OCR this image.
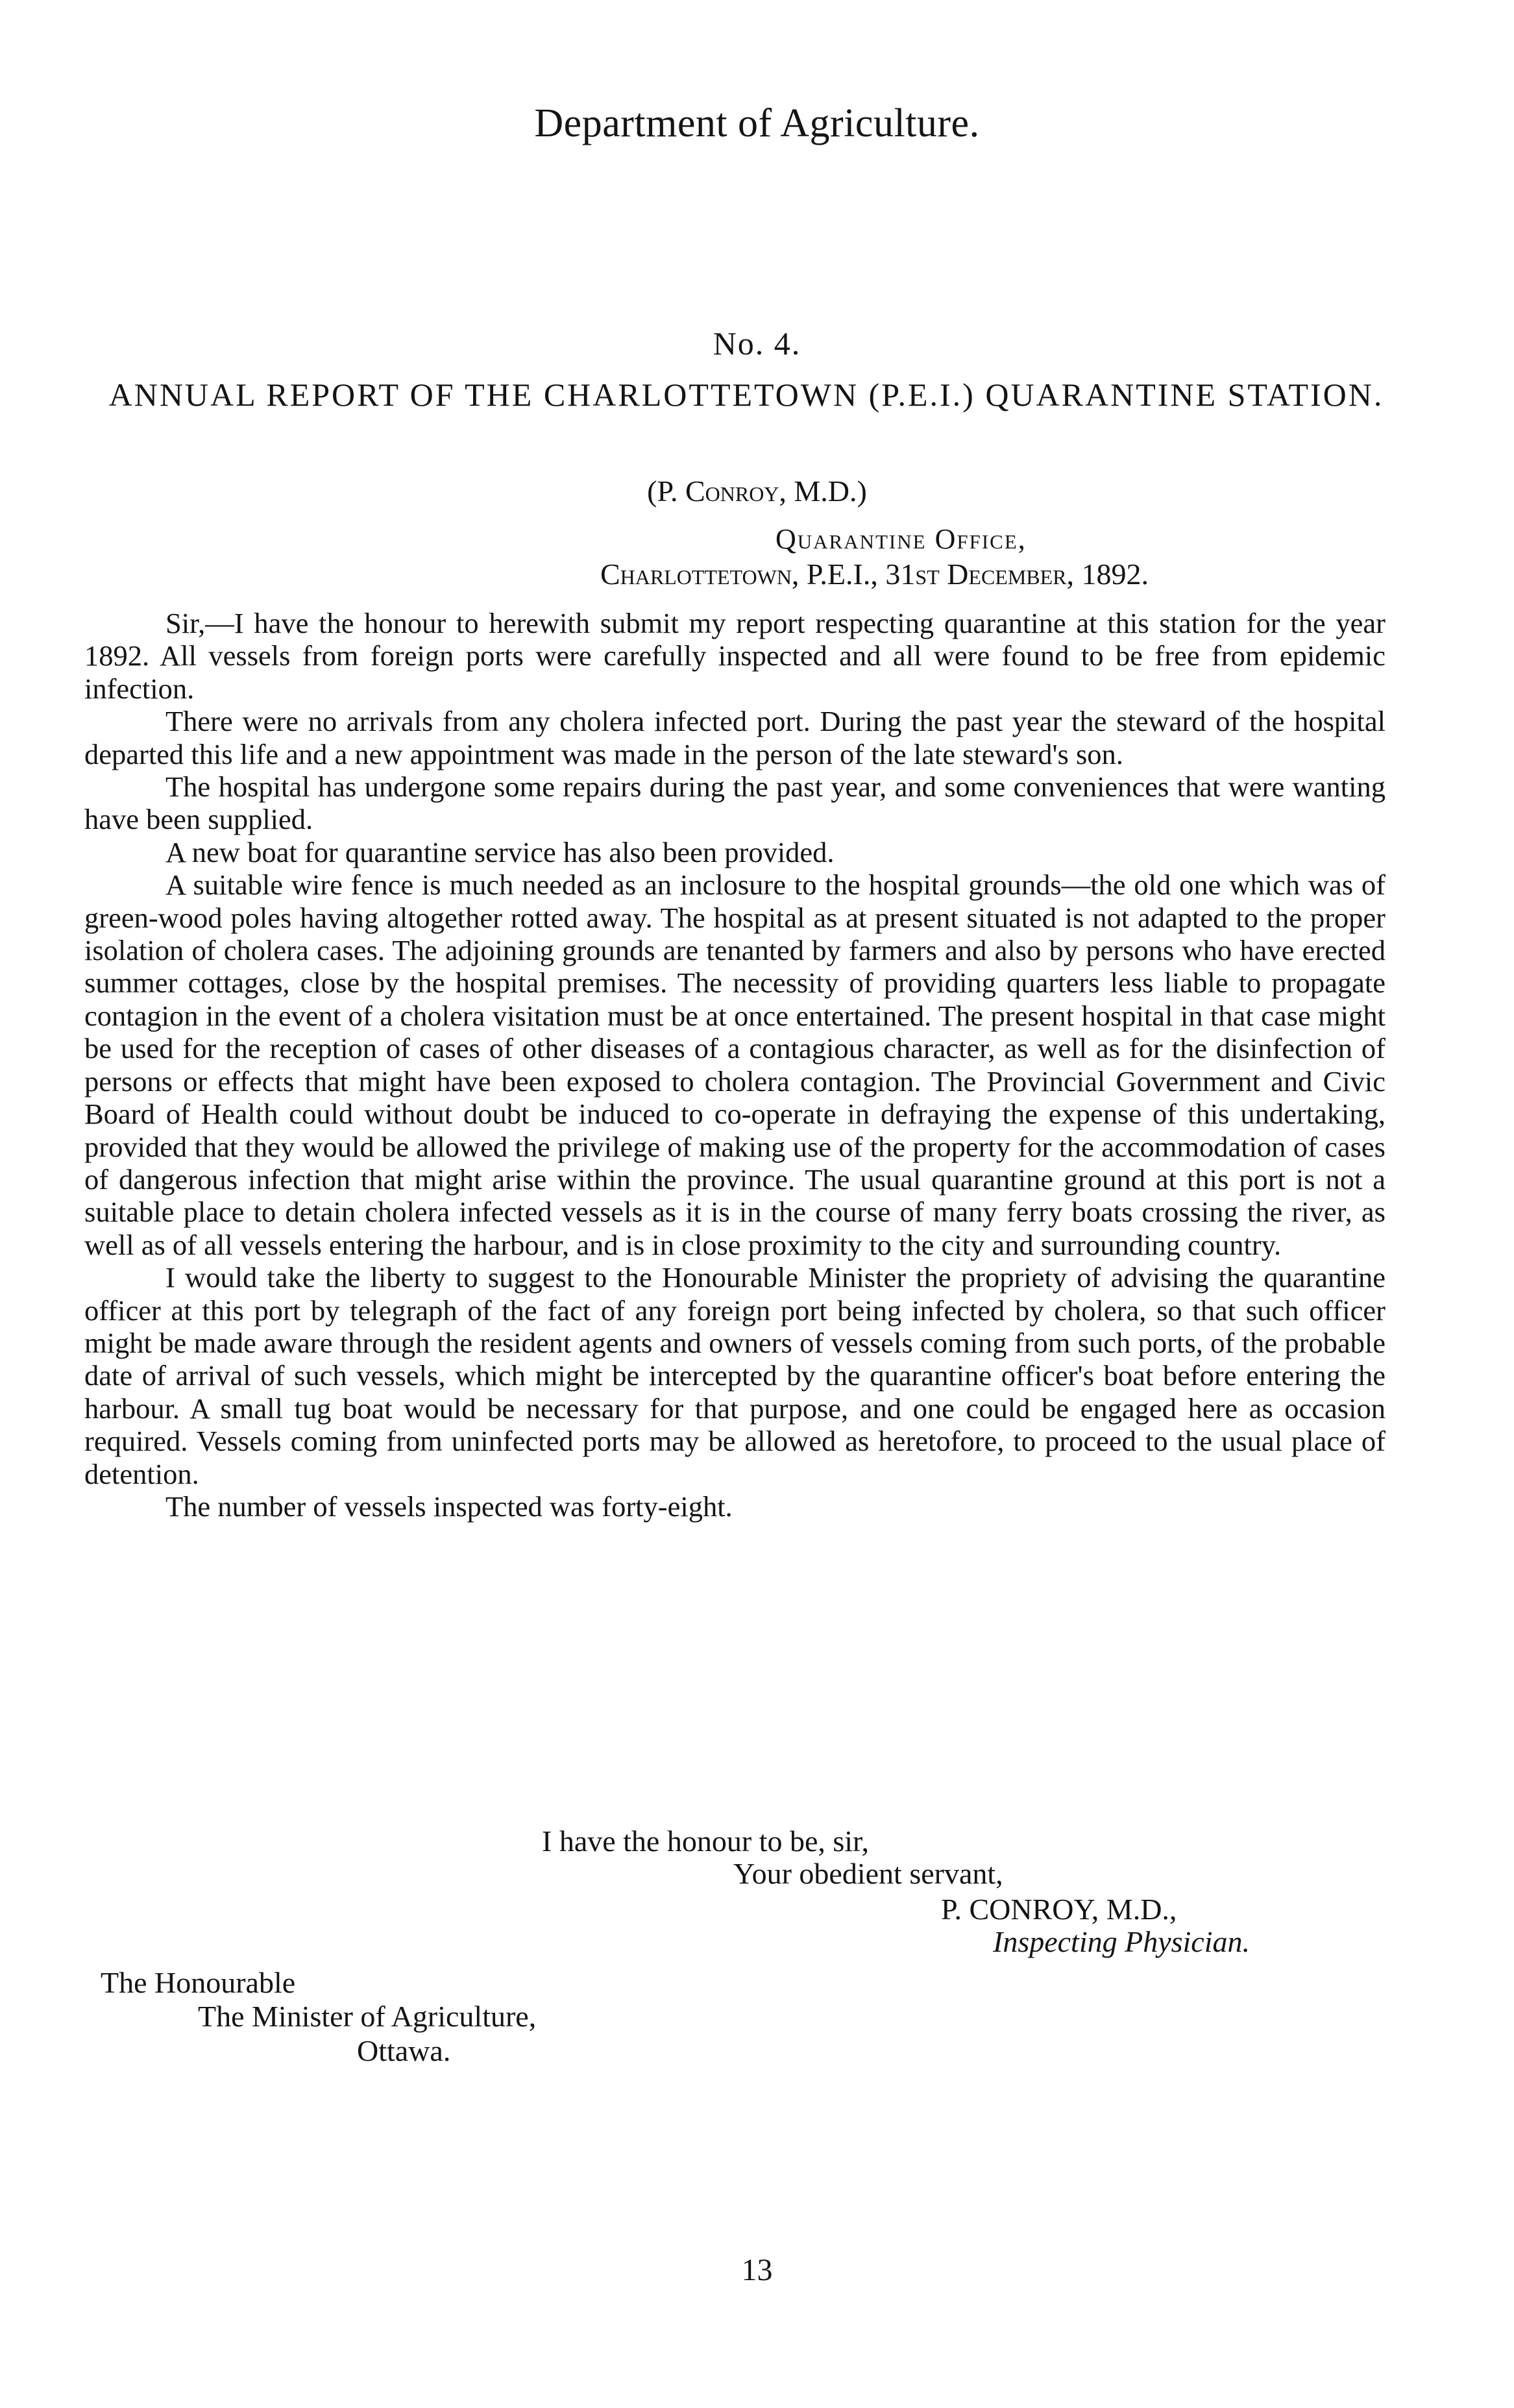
Department of Agriculture.
No. 4.
ANNUAL REPORT OF THE CHARLOTTETOWN (P.E.I.) QUARANTINE STATION.
(P. Conroy, M.D.)
Quarantine Office,
Charlottetown, P.E.I., 31st December, 1892.

Sir,—I have the honour to herewith submit my report respecting quarantine at this station for the year 1892. All vessels from foreign ports were carefully inspected and all were found to be free from epidemic infection.

There were no arrivals from any cholera infected port. During the past year the steward of the hospital departed this life and a new appointment was made in the person of the late steward's son.

The hospital has undergone some repairs during the past year, and some conveniences that were wanting have been supplied.

A new boat for quarantine service has also been provided.

A suitable wire fence is much needed as an inclosure to the hospital grounds—the old one which was of green-wood poles having altogether rotted away. The hospital as at present situated is not adapted to the proper isolation of cholera cases. The adjoining grounds are tenanted by farmers and also by persons who have erected summer cottages, close by the hospital premises. The necessity of providing quarters less liable to propagate contagion in the event of a cholera visitation must be at once entertained. The present hospital in that case might be used for the reception of cases of other diseases of a contagious character, as well as for the disinfection of persons or effects that might have been exposed to cholera contagion. The Provincial Government and Civic Board of Health could without doubt be induced to co-operate in defraying the expense of this undertaking, provided that they would be allowed the privilege of making use of the property for the accommodation of cases of dangerous infection that might arise within the province. The usual quarantine ground at this port is not a suitable place to detain cholera infected vessels as it is in the course of many ferry boats crossing the river, as well as of all vessels entering the harbour, and is in close proximity to the city and surrounding country.

I would take the liberty to suggest to the Honourable Minister the propriety of advising the quarantine officer at this port by telegraph of the fact of any foreign port being infected by cholera, so that such officer might be made aware through the resident agents and owners of vessels coming from such ports, of the probable date of arrival of such vessels, which might be intercepted by the quarantine officer's boat before entering the harbour. A small tug boat would be necessary for that purpose, and one could be engaged here as occasion required. Vessels coming from uninfected ports may be allowed as heretofore, to proceed to the usual place of detention.

The number of vessels inspected was forty-eight.

I have the honour to be, sir,
Your obedient servant,
P. CONROY, M.D.,
Inspecting Physician.
The Honourable
The Minister of Agriculture,
Ottawa.
13
